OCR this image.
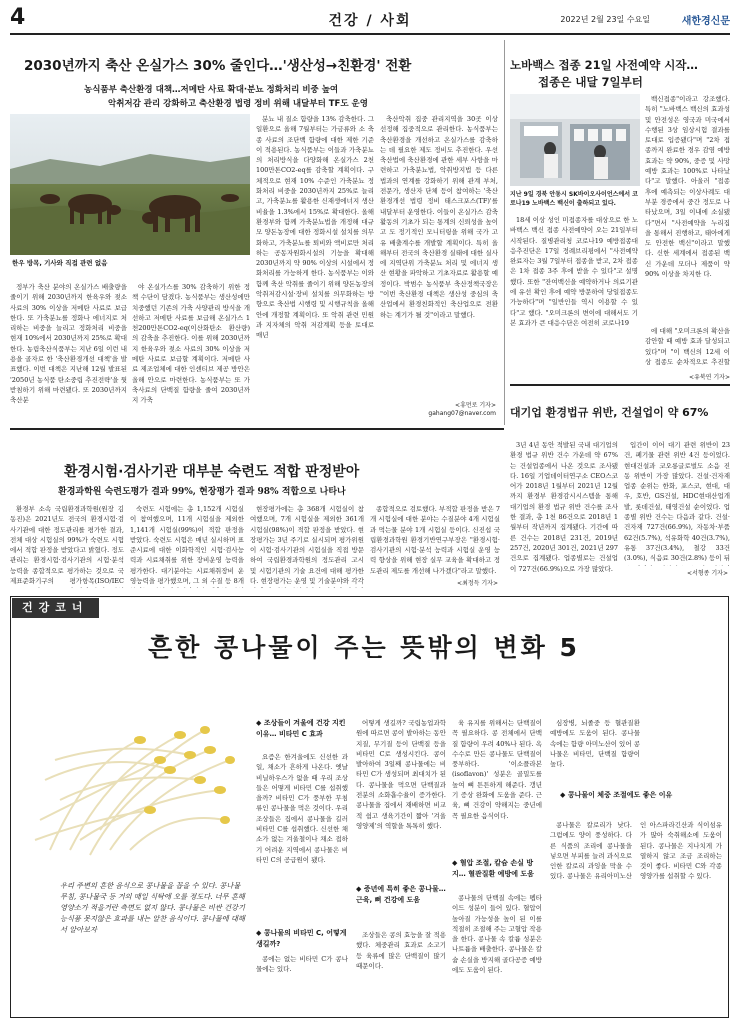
4	건강 / 사회	2022년 2월 23일 수요일	새한경신문
2030년까지 축산 온실가스 30% 줄인다…'생산성→친환경' 전환
농식품부 축산환경 대책…저메탄 사료 확대·분뇨 정화처리 비중 높여
악취저감 관리 강화하고 축산환경 법령 정비 위해 내달부터 TF도 운영
한우 방목, 기사와 직접 관련 없음

정부가 축산 분야의 온실가스 배출량을 줄이기 위해 2030년까지 한육우와 젖소 사료의 30% 이상을 저메탄 사료로 보급한다. 또 가축분뇨를 정화나 에너지로 처리하는 비중을 늘리고 정화처리 비중을 현재 10%에서 2030년까지 25%로 확대한다. 농림축산식품부는 지난 6일 이런 내용을 골자로 한 '축산환경개선 대책'을 발표했다. 이번 대책은 지난해 12월 발표된 '2050년 농식품 탄소중립 추진전략'을 뒷받침하기 위해 마련됐다. 또 2030년까지 축산분

야 온실가스를 30% 감축하기 위한 정책 수단이 담겼다. 농식품부는 생산성에만 치중했던 기존의 가축 사양관리 방식을 개선하고 저메탄 사료를 보급해 온실가스 1천200만톤CO2-eq(이산화탄소 환산량)의 감축을 추진한다. 이를 위해 2030년까지 한육우와 젖소 사료의 30% 이상을 저메탄 사료로 보급할 계획이다. 저메탄 사료 제조업체에 대한 인센티브 제공 방안은 올해 안으로 마련한다. 농식품부는 또 가축사료의 단백질 함량을 줄여 2030년까지 가축

분뇨 내 질소 함량을 13% 감축한다. 그 일환으로 올해 7월부터는 가금류와 소 축종 사료의 조단백 함량에 대한 제한 기준이 적용된다. 농식품부는 이들과 가축분뇨의 처리방식을 다양화해 온실가스 2천100만톤CO2-eq를 감축할 계획이다. 구체적으로 현재 10% 수준인 가축분뇨 정화처리 비중을 2030년까지 25%로 늘리고, 가축분뇨를 활용한 신재생에너지 생산 비율을 1.3%에서 15%로 확대한다. 올해 환경부와 함께 가축분뇨법을 개정해 대규모 양돈농장에 대한 정화시설 설치를 의무화하고, 가축분뇨를 퇴비와 액비로만 처리하는 공동자원화시설의 기능을 확대해 2030년까지 약 90% 이상의 시설에서 정화처리를 가능하게 한다. 농식품부는 이와 함께 축산 악취를 줄이기 위해 양돈농장의 악취저감시설·장비 설치를 의무화하는 방향으로 축산법 시행령 및 시행규칙을 올해 안에 개정할 계획이다. 또 악취 관련 민원과 지자체의 악취 저감계획 등을 토대로 매년

축산악취 집중 관리지역을 30곳 이상 선정해 집중적으로 관리한다. 농식품부는 축산환경을 개선하고 온실가스를 감축하는 데 필요한 제도 정비도 추진한다. 우선 축산법에 축산환경에 관한 세부 사항을 마련하고 가축분뇨법, 악취방지법 등 다른 법과의 연계를 강화하기 위해 관계 부처, 전문가, 생산자 단체 등이 참여하는 '축산환경개선 법령 정비 태스크포스(TF)'를 내달부터 운영한다. 이들이 온실가스 감축 활동의 기초가 되는 통계의 신뢰성을 높이고 도 정기적인 모니터링을 위해 국가 고유 배출계수를 개발할 계획이다. 특히 올해부터 전국의 축산환경 실태에 대한 실사에 지역단위 가축분뇨 처리 및 에너지 생산 현황을 파악하고 기초자료로 활용할 예정이다. 박범수 농식품부 축산정책국장은 "이번 축산환경 대책은 생산성 중심의 축산업에서 환경친화적인 축산업으로 전환하는 계기가 될 것"이라고 말했다.

<휴먼로 기자>
gahang07@naver.com
노바백스 접종 21일 사전예약 시작…
접종은 내달 7일부터
지난 9일 경북 안동시 SK바이오사이언스에서 코로나19 노바백스 백신이 출하되고 있다.

백신접종"이라고 강조했다. 특히 "노바백스 백신의 효과성 및 안전성은 영국과 미국에서 수행된 3상 임상시험 결과를 토대로 입증됐다"며 "2차 접종까지 완료한 경우 감염 예방 효과는 약 90%, 중증 및 사망 예방 효과는 100%로 나타났다"고 말했다. 아울러 "접종 후에 예측되는 이상사례도 대부분 경증에서 중간 정도로 나타났으며, 3일 이내에 소실됐다"면서 "사전예약을 누리집을 통해서 진행하고, 태아에게도 안전한 백신"이라고 말했다. 신한 세계에서 접종된 백신 가운데 모더나 제품이 약 90% 이상을 차지한 다.

18세 이상 성인 미접종자를 대상으로 한 노바백스 백신 접종 사전예약이 오는 21일부터 시작된다. 질병관리청 코로나19 예방접종대응추진단은 17일 정례브리핑에서 "사전예약 완료자는 3월 7일부터 접종을 받고, 2차 접종은 1차 접종 3주 후에 받을 수 있다"고 설명했다. 또한 "잔여백신을 예약하거나 의료기관에 유선 확인 후에 예약 방문하여 당일접종도 가능하다"며 "일반인들 역시 이용할 수 있다"고 했다. "오미크론의 변이에 대해서도 기본 효과가 큰 대응수단은 여전히 코로나19

에 대해 "오미크론의 확산을 감안할 때 예방 효과 달성되고 있다"며 "이 백신의 12세 이상 접종도 순차적으로 추진할

<유북연 기자>
대기업 환경법규 위반, 건설업이 약 67%

3년 4년 동안 적발된 국내 대기업의 환경 법규 위반 건수 가운데 약 67%는 건설업종에서 나온 것으로 조사됐다. 16일 기업데이터연구소 CEO스코어가 2018년 1월부터 2021년 12월까지 환경부 환경감시시스템을 통해 대기업의 환경 법규 위반 건수를 조사한 결과, 총 1천 86건으로 2018년 1월부터 작년까지 집계됐다. 기간에 따른 건수는 2018년 231건, 2019년 257건, 2020년 301건, 2021년 297건으로 집계됐다. 업종별로는 건설업이 727건(66.9%)으로 가장 많았다.

입간이 이어 대기 관련 위반이 23건, 폐기물 관련 위반 4건 등이었다. 현대건설과 코오롱글로벌도 소음 진동 위반이 가장 많았다. 건설·건자재 업종 순위는 한화, 포스코, 현대, 대우, 호반, GS건설, HDC현대산업개발, 롯데건설, 태영건설 순이었다. 업종별 위반 건수는 다음과 같다. 건설·건자재 727건(66.9%), 자동차·부품 62건(5.7%), 석유화학 40건(3.7%), 유통 37건(3.4%), 철강 33건(3.0%), 식음료 30건(2.8%) 등이 뒤

<서형종 기자>
환경시험·검사기관 대부분 숙련도 적합 판정받아
환경과학원 숙련도평가 결과 99%, 현장평가 결과 98% 적합으로 나타나

환경부 소속 국립환경과학원(원장 김동진)은 2021년도 전국의 환경시험·검사기관에 대한 정도관리를 평가한 결과, 전체 대상 시험실의 99%가 숙련도 시험에서 적합 판정을 받았다고 밝혔다. 정도관리는 환경시험·검사기관의 시험·분석 능력을 종합적으로 평가하는 것으로 국제표준화기구의 평가항목(ISO/IEC

숙련도 시험에는 총 1,152개 시험실이 참여했으며, 11개 시험실을 제외한 1,141개 시험실(99%)이 적합 판정을 받았다. 숙련도 시험은 매년 실시하며 표준시료에 대한 이화학적인 시험·검사능력과 시료채취를 위한 장비운영 능력을 평가한다. 대기분야는 시료채취장비 운영능력을 평가했으며, 그 외 수질 등 8개

현장평가에는 총 368개 시험실이 참여했으며, 7개 시험실을 제외한 361개 시험실(98%)이 적합 판정을 받았다. 현장평가는 3년 주기로 실시되며 평가위원이 시험·검사기관의 시험실을 직접 방문하여 국립환경과학원의 정도관리 고시 및 시험기관의 기술 요건에 대해 평가한다. 현장평가는 운영 및 기술분야와 각각

종합적으로 검토했다. 부적합 판정을 받은 7개 시험실에 대한 분야는 수질분야 4개 시험실과 먹는물 분야 1개 시험실 등이다. 신진섭 국립환경과학원 환경기반연구부장은 "환경시험·검사기관의 시험·분석 능력과 시험실 운영 능력 향상을 위해 현장 실무 교육을 확대하고 정도관리 제도를 개선해 나가겠다"라고 말했다.

<최정득 기자>
건강코너
흔한 콩나물이 주는 뜻밖의 변화 5
우리 주변의 흔한 음식으로 콩나물을 꼽을 수 있다. 콩나물 무침, 콩나물국 등 거의 매일 식탁에 오를 정도다. 너무 흔해 영양소가 적을거란 측면도 없지 않다. 콩나물은 비싼 건강기능식품 못지않은 효과를 내는 알찬 음식이다. 콩나물에 대해서 알아보자
◆ 조상들이 겨울에 건강 지킨 이유… 비타민 C 효과

요즘은 한겨울에도 신선한 과일, 채소가 흔하게 나온다. 옛날 비닐하우스가 없을 때 우리 조상들은 어떻게 비타민 C를 섭취했을까? 비타민 C가 풍부한 무침류인 콩나물을 먹은 것이다. 우리 조상들은 집에서 콩나물을 길러 비타민 C를 섭취했다. 신선한 채소가 없는 겨울철이나 채소 접하기 어려운 지역에서 콩나물은 비타민 C의 공급원이 됐다.

◆ 콩나물의 비타민 C, 어떻게 생길까?

콩에는 없는 비타민 C가 콩나물에는 있다.

어떻게 생길까? 국립농업과학원에 따르면 콩이 발아하는 동안 지질, 무기질 등이 단백질 등을 비타민 C로 생성시킨다. 콩이 발아하여 3일째 콩나물에는 비타민 C가 생성되며 최대치가 된다. 콩나물을 먹으면 단백질과 전분의 소화흡수율이 증가한다. 콩나물을 집에서 재배하면 비교적 쉽고 생육기간이 짧아 '겨울 영양제'의 역할을 톡톡히 했다.

◆ 증년에 특히 좋은 콩나물… 근육, 뼈 건강에 도움

조상들은 콩의 효능을 잘 적용했다. 체중관리 효과로 소고기 등 육류에 많은 단백질이 많기 때문이다.

육 유지를 위해서는 단백질이 꼭 필요하다. 콩 전체에서 단백질 함량이 우려 40%나 된다. 옥수수로 만든 콩나물도 단백질이 풍부하다. '이소플라본(isoflavon)' 성분은 골밀도를 높여 뼈 튼튼하게 해준다. 갱년기 증상 완화에 도움을 준다. 근육, 뼈 건강이 약해지는 중년에 꼭 필요한 음식이다.

◆ 혈압 조절, 칼슘 손실 방지… 혈관질환 예방에 도움

콩나물의 단백질 속에는 펩타이드 성분이 들어 있다. 혈압이 높아질 가능성을 높이 된 이를 적절히 조절해 주는 고혈압 작용을 한다. 콩나물 속 칼륨 성분은 나트륨을 배출한다. 콩나물은 칼슘 손실을 방지해 골다공증 예방에도 도움이 된다.

심장병, 뇌졸중 등 혈관질환 예방에도 도움이 된다. 콩나물 속에는 함량 아미노산이 있어 콩나물은 비타민, 단백질 함량이 높다.

◆ 콩나물이 체중 조절에도 좋은 이유

콩나물은 칼로리가 낮다. 그럼에도 양이 풍성하다. 다른 식품의 조리에 콩나물을 넣으면 부피를 늘려 과식으로 인한 칼로리 과잉을 막을 수 있다. 콩나물은 유리아미노산인 아스파라긴산과 식이섬유가 많아 숙취해소에 도움이 된다. 콩나물은 지나치게 가열하지 않고 조금 조리하는 것이 좋다. 비타민 C와 각종 영양가를 섭취할 수 있다.
